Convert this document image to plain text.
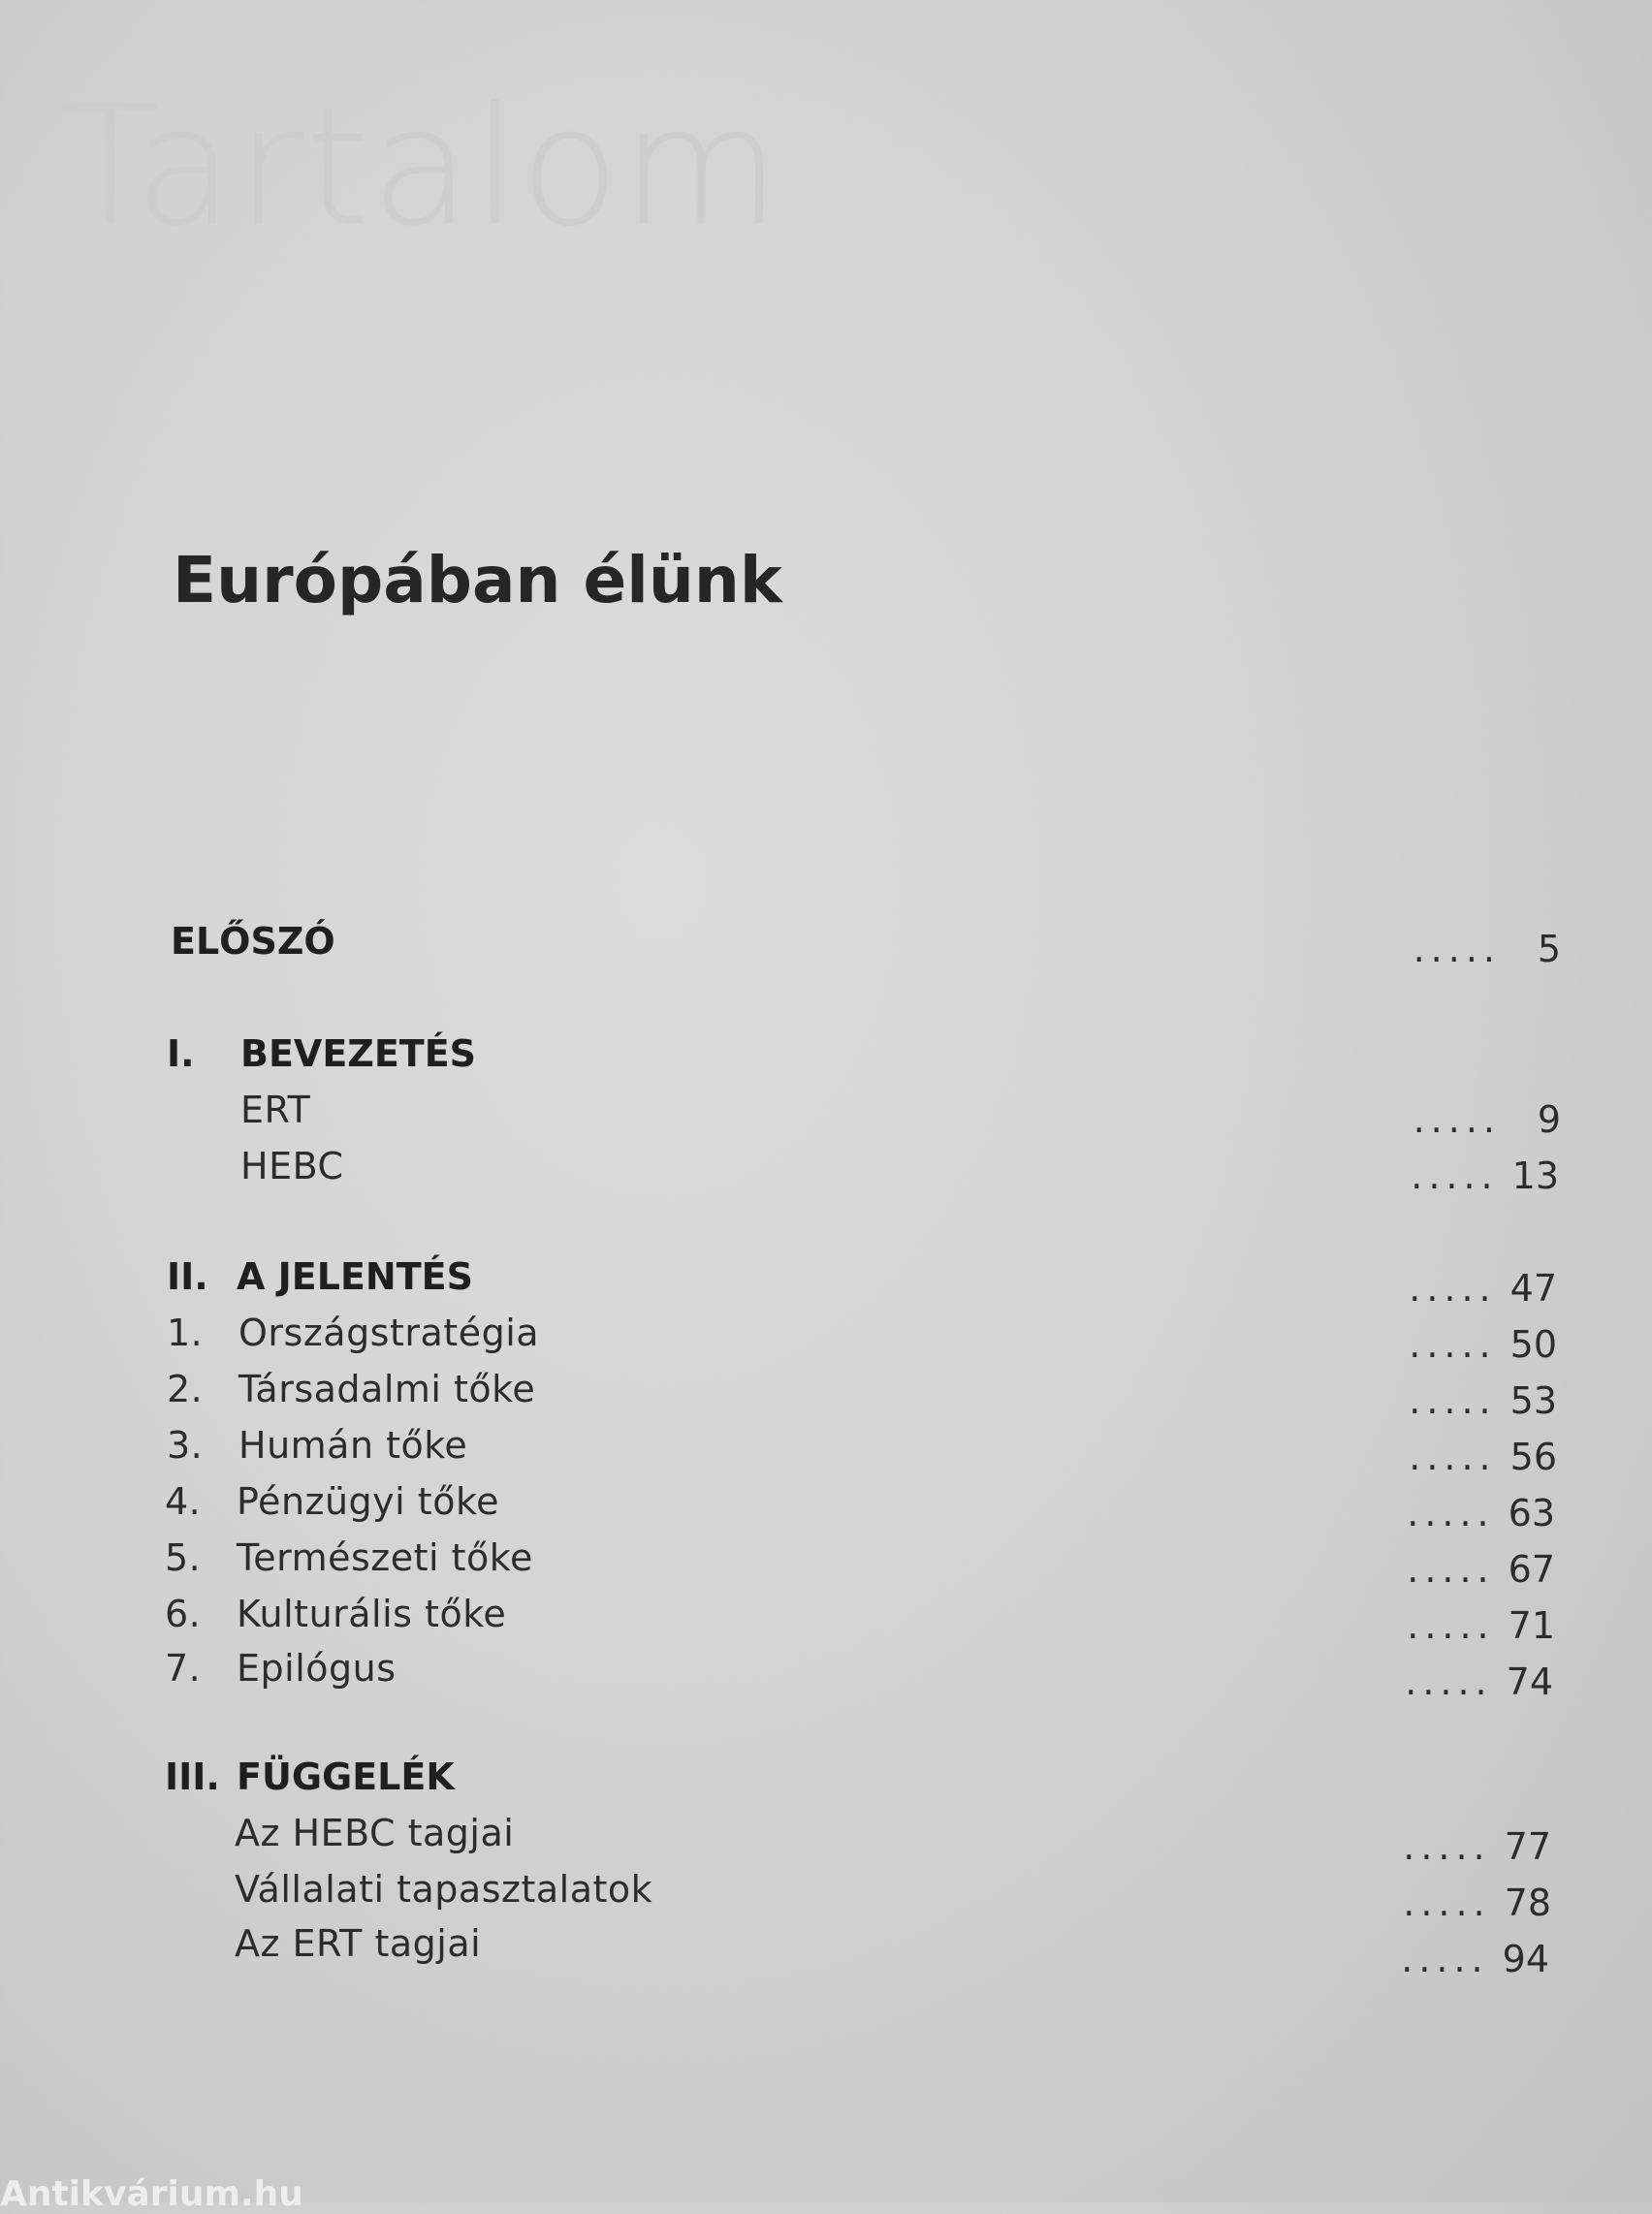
Tartalom
Európában élünk
ELŐSZÓ	..... 5
I. BEVEZETÉS
ERT	..... 9
HEBC	..... 13
II. A JELENTÉS	..... 47
1. Országstratégia	..... 50
2. Társadalmi tőke	..... 53
3. Humán tőke	..... 56
4. Pénzügyi tőke	..... 63
5. Természeti tőke	..... 67
6. Kulturális tőke	..... 71
7. Epilógus	..... 74
III. FÜGGELÉK
Az HEBC tagjai	..... 77
Vállalati tapasztalatok	..... 78
Az ERT tagjai	..... 94
Antikvárium.hu
